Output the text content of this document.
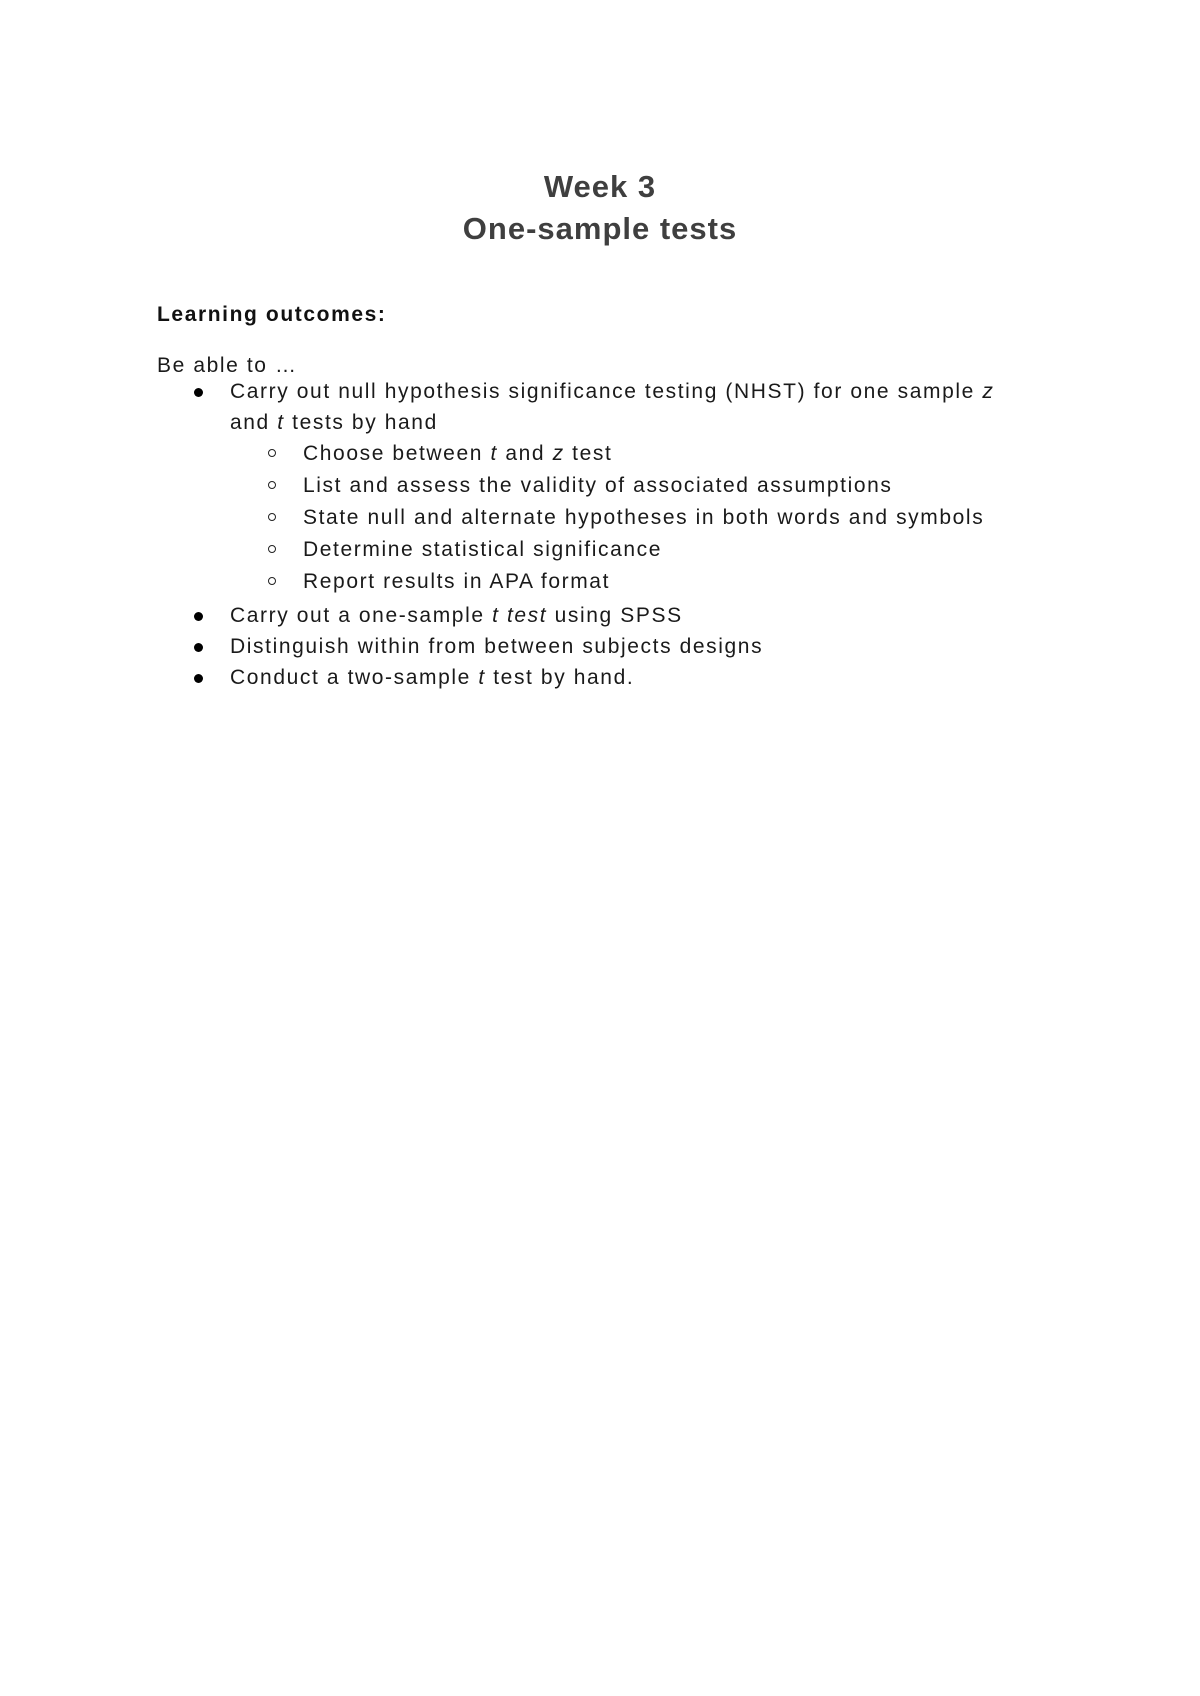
Week 3
One-sample tests
Learning outcomes:
Be able to …
Carry out null hypothesis significance testing (NHST) for one sample z and t tests by hand
Choose between t and z test
List and assess the validity of associated assumptions
State null and alternate hypotheses in both words and symbols
Determine statistical significance
Report results in APA format
Carry out a one-sample t test using SPSS
Distinguish within from between subjects designs
Conduct a two-sample t test by hand.
